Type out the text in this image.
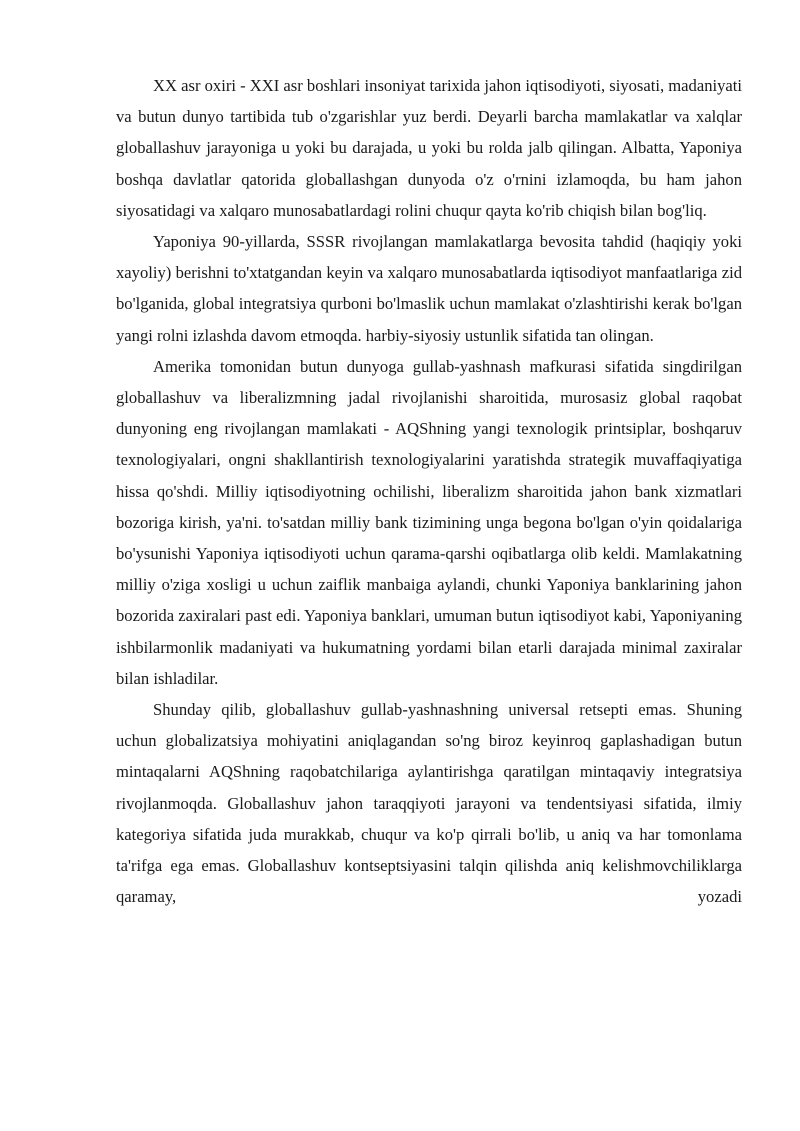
XX asr oxiri - XXI asr boshlari insoniyat tarixida jahon iqtisodiyoti, siyosati, madaniyati va butun dunyo tartibida tub o'zgarishlar yuz berdi. Deyarli barcha mamlakatlar va xalqlar globallashuv jarayoniga u yoki bu darajada, u yoki bu rolda jalb qilingan. Albatta, Yaponiya boshqa davlatlar qatorida globallashgan dunyoda o'z o'rnini izlamoqda, bu ham jahon siyosatidagi va xalqaro munosabatlardagi rolini chuqur qayta ko'rib chiqish bilan bog'liq.

Yaponiya 90-yillarda, SSSR rivojlangan mamlakatlarga bevosita tahdid (haqiqiy yoki xayoliy) berishni to'xtatgandan keyin va xalqaro munosabatlarda iqtisodiyot manfaatlariga zid bo'lganida, global integratsiya qurboni bo'lmaslik uchun mamlakat o'zlashtirishi kerak bo'lgan yangi rolni izlashda davom etmoqda. harbiy-siyosiy ustunlik sifatida tan olingan.

Amerika tomonidan butun dunyoga gullab-yashnash mafkurasi sifatida singdirilgan globallashuv va liberalizmning jadal rivojlanishi sharoitida, murosasiz global raqobat dunyoning eng rivojlangan mamlakati - AQShning yangi texnologik printsiplar, boshqaruv texnologiyalari, ongni shakllantirish texnologiyalarini yaratishda strategik muvaffaqiyatiga hissa qo'shdi. Milliy iqtisodiyotning ochilishi, liberalizm sharoitida jahon bank xizmatlari bozoriga kirish, ya'ni. to'satdan milliy bank tizimining unga begona bo'lgan o'yin qoidalariga bo'ysunishi Yaponiya iqtisodiyoti uchun qarama-qarshi oqibatlarga olib keldi. Mamlakatning milliy o'ziga xosligi u uchun zaiflik manbaiga aylandi, chunki Yaponiya banklarining jahon bozorida zaxiralari past edi. Yaponiya banklari, umuman butun iqtisodiyot kabi, Yaponiyaning ishbilarmonlik madaniyati va hukumatning yordami bilan etarli darajada minimal zaxiralar bilan ishladilar.

Shunday qilib, globallashuv gullab-yashnashning universal retsepti emas. Shuning uchun globalizatsiya mohiyatini aniqlagandan so'ng biroz keyinroq gaplashadigan butun mintaqalarni AQShning raqobatchilariga aylantirishga qaratilgan mintaqaviy integratsiya rivojlanmoqda. Globallashuv jahon taraqqiyoti jarayoni va tendentsiyasi sifatida, ilmiy kategoriya sifatida juda murakkab, chuqur va ko'p qirrali bo'lib, u aniq va har tomonlama ta'rifga ega emas. Globallashuv kontseptsiyasini talqin qilishda aniq kelishmovchiliklarga qaramay, yozadi
